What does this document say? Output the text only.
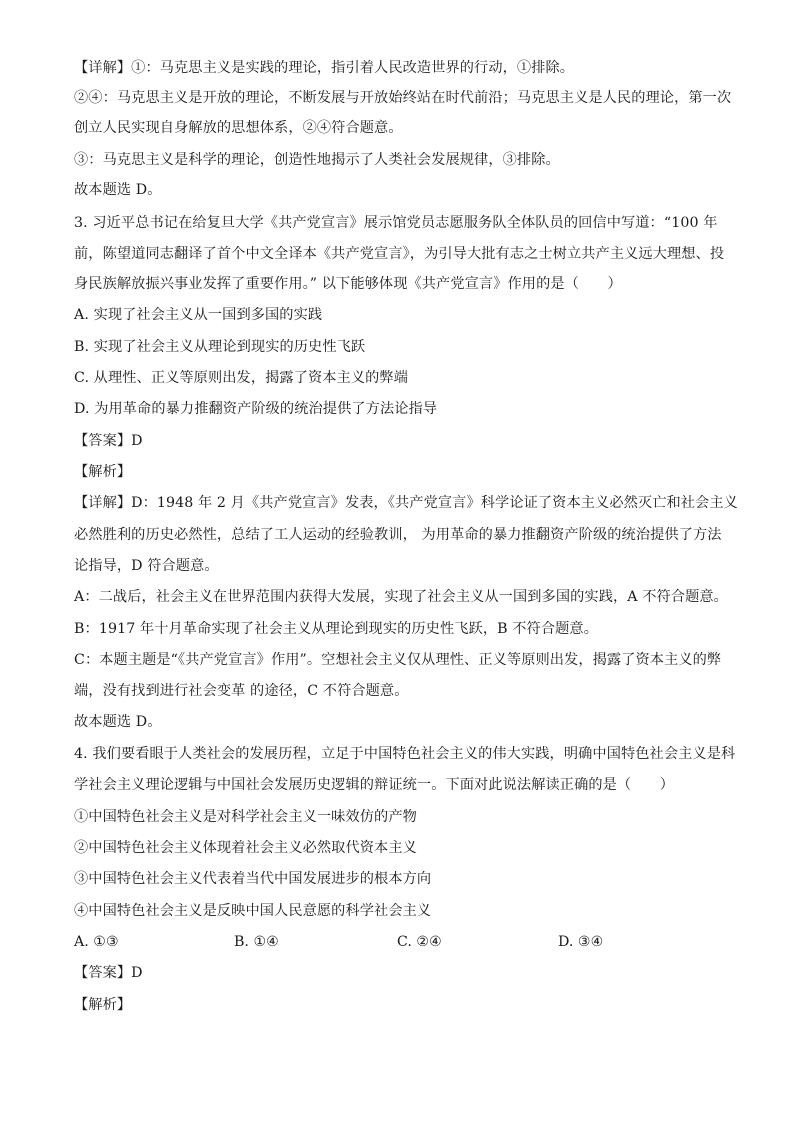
【详解】①：马克思主义是实践的理论，指引着人民改造世界的行动，①排除。
②④：马克思主义是开放的理论，不断发展与开放始终站在时代前沿；马克思主义是人民的理论，第一次
创立人民实现自身解放的思想体系，②④符合题意。
③：马克思主义是科学的理论，创造性地揭示了人类社会发展规律，③排除。
故本题选 D。
3. 习近平总书记在给复旦大学《共产党宣言》展示馆党员志愿服务队全体队员的回信中写道：“100 年
前，陈望道同志翻译了首个中文全译本《共产党宣言》，为引导大批有志之士树立共产主义远大理想、投
身民族解放振兴事业发挥了重要作用。” 以下能够体现《共产党宣言》作用的是（　　）
A. 实现了社会主义从一国到多国的实践
B. 实现了社会主义从理论到现实的历史性飞跃
C. 从理性、正义等原则出发，揭露了资本主义的弊端
D. 为用革命的暴力推翻资产阶级的统治提供了方法论指导
【答案】D
【解析】
【详解】D：1948 年 2 月《共产党宣言》发表，《共产党宣言》科学论证了资本主义必然灭亡和社会主义
必然胜利的历史必然性，总结了工人运动的经验教训， 为用革命的暴力推翻资产阶级的统治提供了方法
论指导，D 符合题意。
A：二战后，社会主义在世界范围内获得大发展，实现了社会主义从一国到多国的实践，A 不符合题意。
B：1917 年十月革命实现了社会主义从理论到现实的历史性飞跃，B 不符合题意。
C：本题主题是“《共产党宣言》作用”。空想社会主义仅从理性、正义等原则出发，揭露了资本主义的弊
端，没有找到进行社会变革 的途径，C 不符合题意。
故本题选 D。
4. 我们要看眼于人类社会的发展历程，立足于中国特色社会主义的伟大实践，明确中国特色社会主义是科
学社会主义理论逻辑与中国社会发展历史逻辑的辩证统一。下面对此说法解读正确的是（　　）
①中国特色社会主义是对科学社会主义一味效仿的产物
②中国特色社会主义体现着社会主义必然取代资本主义
③中国特色社会主义代表着当代中国发展进步的根本方向
④中国特色社会主义是反映中国人民意愿的科学社会主义
A. ①③	B. ①④	C. ②④	D. ③④
【答案】D
【解析】
